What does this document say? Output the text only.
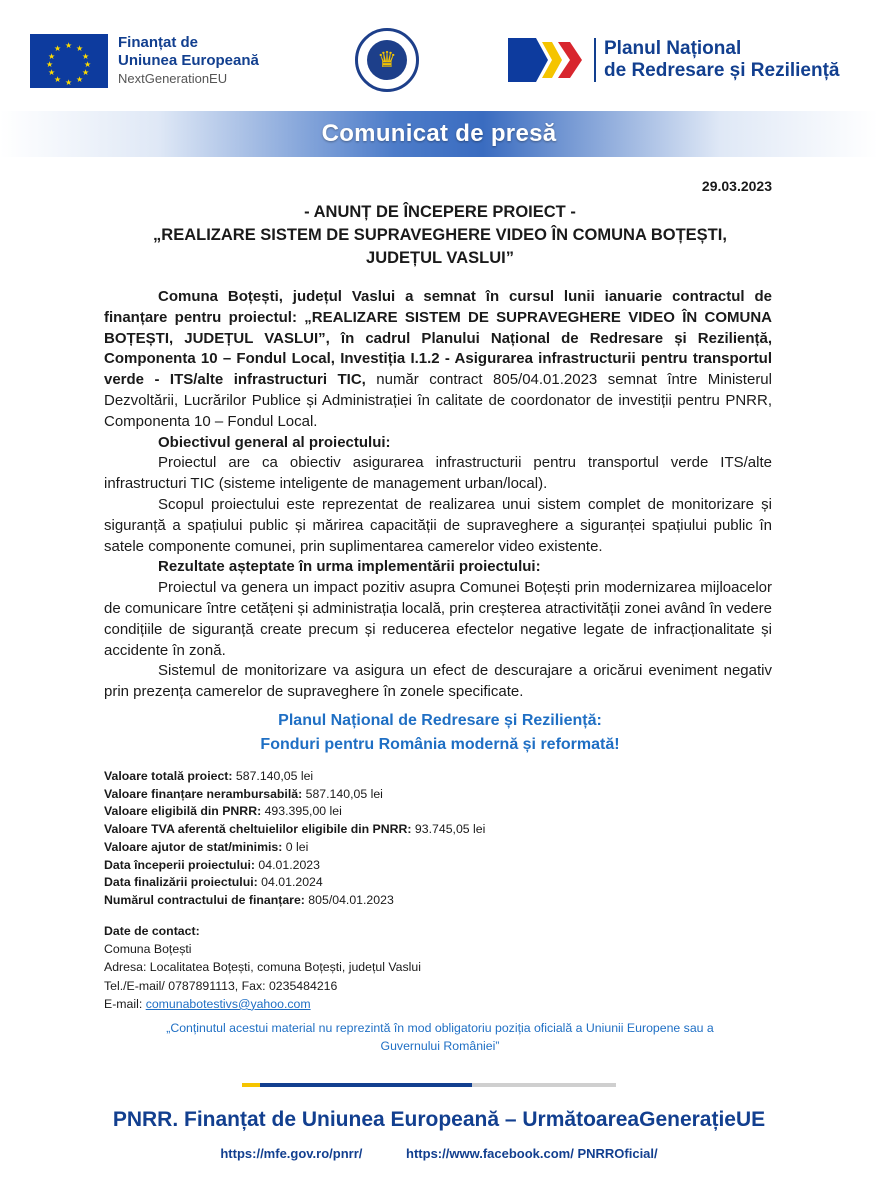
★ ★
★
★
★
★
★
★
★
★
★
★	Finanțat de
Uniunea Europeană
NextGenerationEU
♛	Planul Național
de Redresare și Reziliență
Comunicat de presă
29.03.2023
- ANUNȚ DE ÎNCEPERE PROIECT -
„REALIZARE SISTEM DE SUPRAVEGHERE VIDEO ÎN COMUNA BOȚEȘTI,
JUDEȚUL VASLUI”

Comuna Boțești, județul Vaslui a semnat în cursul lunii ianuarie contractul de finanțare pentru proiectul: „REALIZARE SISTEM DE SUPRAVEGHERE VIDEO ÎN COMUNA BOȚEȘTI, JUDEȚUL VASLUI”, în cadrul Planului Național de Redresare și Reziliență, Componenta 10 – Fondul Local, Investiția I.1.2 - Asigurarea infrastructurii pentru transportul verde - ITS/alte infrastructuri TIC, număr contract 805/04.01.2023 semnat între Ministerul Dezvoltării, Lucrărilor Publice și Administrației în calitate de coordonator de investiții pentru PNRR, Componenta 10 – Fondul Local.

Obiectivul general al proiectului:

Proiectul are ca obiectiv asigurarea infrastructurii pentru transportul verde ITS/alte infrastructuri TIC (sisteme inteligente de management urban/local).

Scopul proiectului este reprezentat de realizarea unui sistem complet de monitorizare și siguranță a spațiului public și mărirea capacității de supraveghere a siguranței spațiului public în satele componente comunei, prin suplimentarea camerelor video existente.

Rezultate așteptate în urma implementării proiectului:

Proiectul va genera un impact pozitiv asupra Comunei Boțești prin modernizarea mijloacelor de comunicare între cetățeni și administrația locală, prin creșterea atractivității zonei având în vedere condițiile de siguranță create precum și reducerea efectelor negative legate de infracționalitate și accidente în zonă.

Sistemul de monitorizare va asigura un efect de descurajare a oricărui eveniment negativ prin prezența camerelor de supraveghere în zonele specificate.

Planul Național de Redresare și Reziliență:
Fonduri pentru România modernă și reformată!
Valoare totală proiect: 587.140,05 lei
Valoare finanțare nerambursabilă: 587.140,05 lei
Valoare eligibilă din PNRR: 493.395,00 lei
Valoare TVA aferentă cheltuielilor eligibile din PNRR: 93.745,05 lei
Valoare ajutor de stat/minimis: 0 lei
Data începerii proiectului: 04.01.2023
Data finalizării proiectului: 04.01.2024
Numărul contractului de finanțare: 805/04.01.2023
Date de contact:
Comuna Boțești
Adresa: Localitatea Boțești, comuna Boțești, județul Vaslui
Tel./E-mail/ 0787891113, Fax: 0235484216
E-mail: comunabotestivs@yahoo.com
„Conținutul acestui material nu reprezintă în mod obligatoriu poziția oficială a Uniunii Europene sau a
Guvernului României”
PNRR. Finanțat de Uniunea Europeană – UrmătoareaGenerațieUE
https://mfe.gov.ro/pnrr/	https://www.facebook.com/ PNRROficial/
